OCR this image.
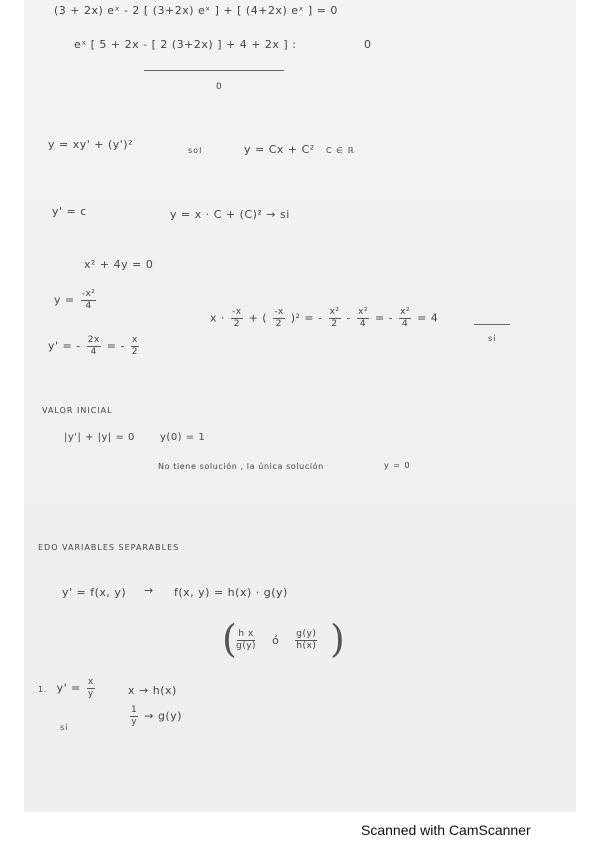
(3 + 2x) eˣ - 2 [ (3+2x) eˣ ] + [ (4+2x) eˣ ] = 0
eˣ [ 5 + 2x - [ 2 (3+2x) ] + 4 + 2x ] :	0
0
y = xy' + (y')²	sol	y = Cx + C² C ∈ ℝ
y' = c	y = x · C + (C)² → si
x² + 4y = 0
$y = \frac{\text{-x²}}{4}$
$x \cdot \frac{-x}{2}$ + ( $\frac{-x}{2} )^2$ = - $\frac{\text{x²}}{2} - \frac{\text{x²}}{4}$ = - $\frac{\text{x²}}{4} = 4$
sí
y' = - $\frac{2x}{4}$ = - $\frac{x}{2}$
VALOR INICIAL
|y'| + |y| = 0	y(0) = 1
No tiene solución , la única solución	y = 0
EDO VARIABLES SEPARABLES
y' = f(x, y) → f(x, y) = h(x) · g(y)
( $\frac{\text{h x}}{g(y)}$ ó $\frac{g(y)}{h(x)}$ )
1. $y' = \frac{x}{y}$	x → h(x)
$\frac{1}{y} \to g(y)$
sí
Scanned with CamScanner
